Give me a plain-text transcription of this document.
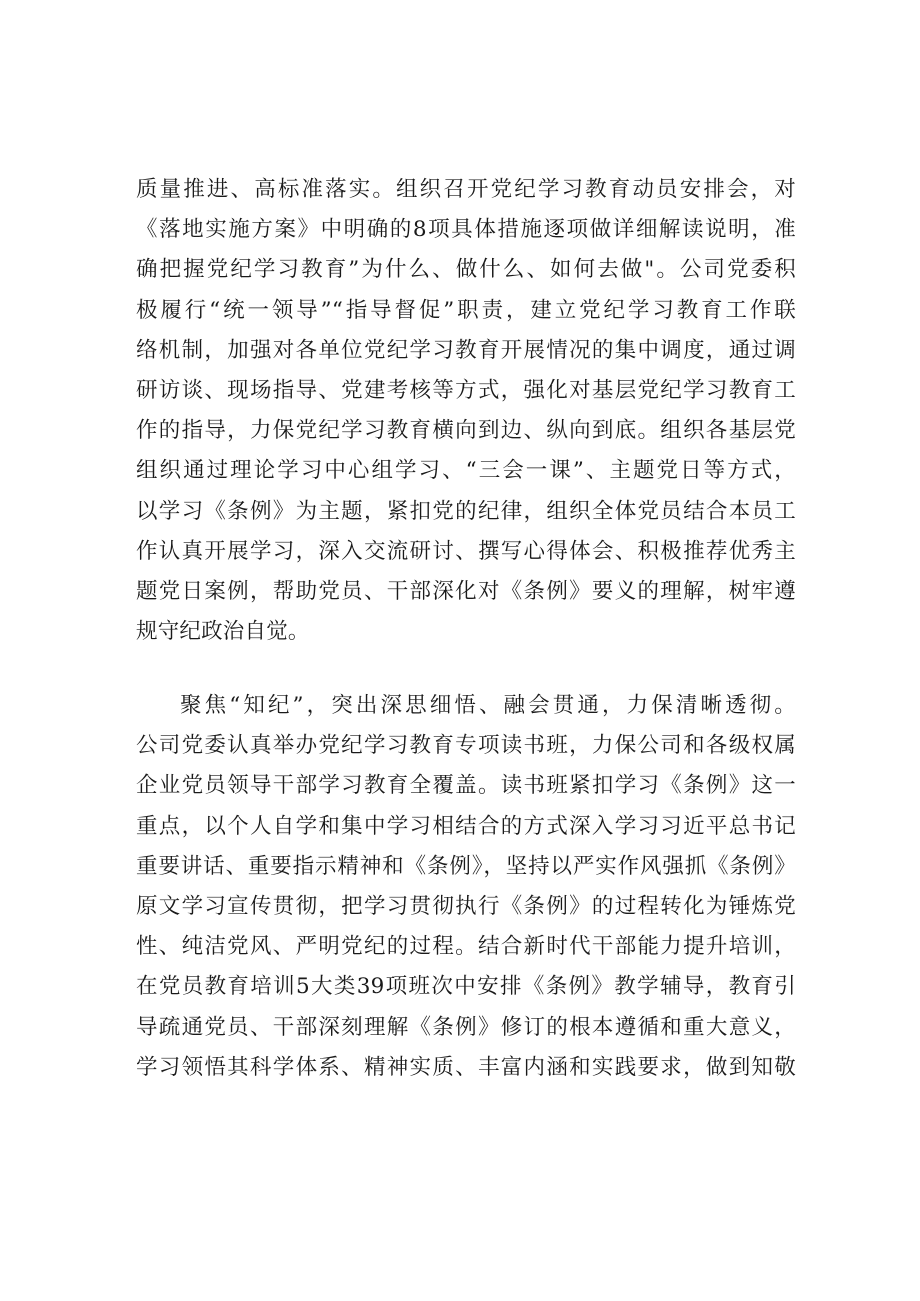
质量推进、高标准落实。组织召开党纪学习教育动员安排会，对
《落地实施方案》中明确的8项具体措施逐项做详细解读说明，准
确把握党纪学习教育”为什么、做什么、如何去做"。公司党委积
极履行“统一领导”“指导督促”职责，建立党纪学习教育工作联
络机制，加强对各单位党纪学习教育开展情况的集中调度，通过调
研访谈、现场指导、党建考核等方式，强化对基层党纪学习教育工
作的指导，力保党纪学习教育横向到边、纵向到底。组织各基层党
组织通过理论学习中心组学习、“三会一课”、主题党日等方式，
以学习《条例》为主题，紧扣党的纪律，组织全体党员结合本员工
作认真开展学习，深入交流研讨、撰写心得体会、积极推荐优秀主
题党日案例，帮助党员、干部深化对《条例》要义的理解，树牢遵
规守纪政治自觉。
聚焦“知纪”，突出深思细悟、融会贯通，力保清晰透彻。
公司党委认真举办党纪学习教育专项读书班，力保公司和各级权属
企业党员领导干部学习教育全覆盖。读书班紧扣学习《条例》这一
重点，以个人自学和集中学习相结合的方式深入学习习近平总书记
重要讲话、重要指示精神和《条例》，坚持以严实作风强抓《条例》
原文学习宣传贯彻，把学习贯彻执行《条例》的过程转化为锤炼党
性、纯洁党风、严明党纪的过程。结合新时代干部能力提升培训，
在党员教育培训5大类39项班次中安排《条例》教学辅导，教育引
导疏通党员、干部深刻理解《条例》修订的根本遵循和重大意义，
学习领悟其科学体系、精神实质、丰富内涵和实践要求，做到知敬
